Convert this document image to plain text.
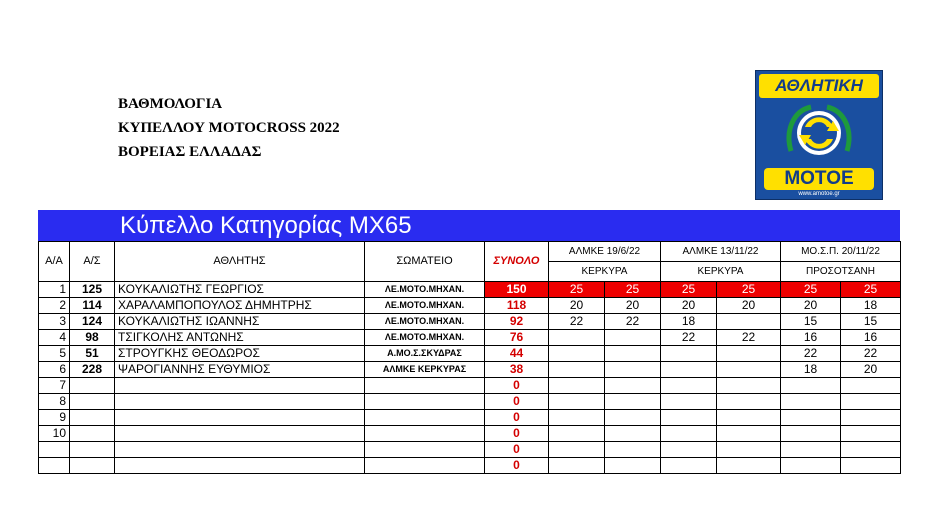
ΒΑΘΜΟΛΟΓΙΑ
ΚΥΠΕΛΛΟΥ MOTOCROSS 2022
ΒΟΡΕΙΑΣ ΕΛΛΑΔΑΣ
ΑΘΛΗΤΙΚΗ
ΜΟΤΟΕ
www.amotoe.gr
Κύπελλο Κατηγορίας ΜΧ65
Α/Α	Α/Σ	ΑΘΛΗΤΗΣ	ΣΩΜΑΤΕΙΟ	ΣΥΝΟΛΟ	ΑΛΜΚΕ 19/6/22		ΑΛΜΚΕ 13/11/22		ΜΟ.Σ.Π. 20/11/22	
					ΚΕΡΚΥΡΑ		ΚΕΡΚΥΡΑ		ΠΡΟΣΟΤΣΑΝΗ	
1	125	ΚΟΥΚΑΛΙΩΤΗΣ ΓΕΩΡΓΙΟΣ	ΛΕ.ΜΟΤΟ.ΜΗΧΑΝ.	150	25	25	25	25	25	25
2	114	ΧΑΡΑΛΑΜΠΟΠΟΥΛΟΣ ΔΗΜΗΤΡΗΣ	ΛΕ.ΜΟΤΟ.ΜΗΧΑΝ.	118	20	20	20	20	20	18
3	124	ΚΟΥΚΑΛΙΩΤΗΣ ΙΩΑΝΝΗΣ	ΛΕ.ΜΟΤΟ.ΜΗΧΑΝ.	92	22	22	18		15	15
4	98	ΤΣΙΓΚΟΛΗΣ ΑΝΤΩΝΗΣ	ΛΕ.ΜΟΤΟ.ΜΗΧΑΝ.	76			22	22	16	16
5	51	ΣΤΡΟΥΓΚΗΣ ΘΕΟΔΩΡΟΣ	Α.ΜΟ.Σ.ΣΚΥΔΡΑΣ	44					22	22
6	228	ΨΑΡΟΓΙΑΝΝΗΣ ΕΥΘΥΜΙΟΣ	ΑΛΜΚΕ ΚΕΡΚΥΡΑΣ	38					18	20
7				0						
8				0						
9				0						
10				0						
				0						
				0						
